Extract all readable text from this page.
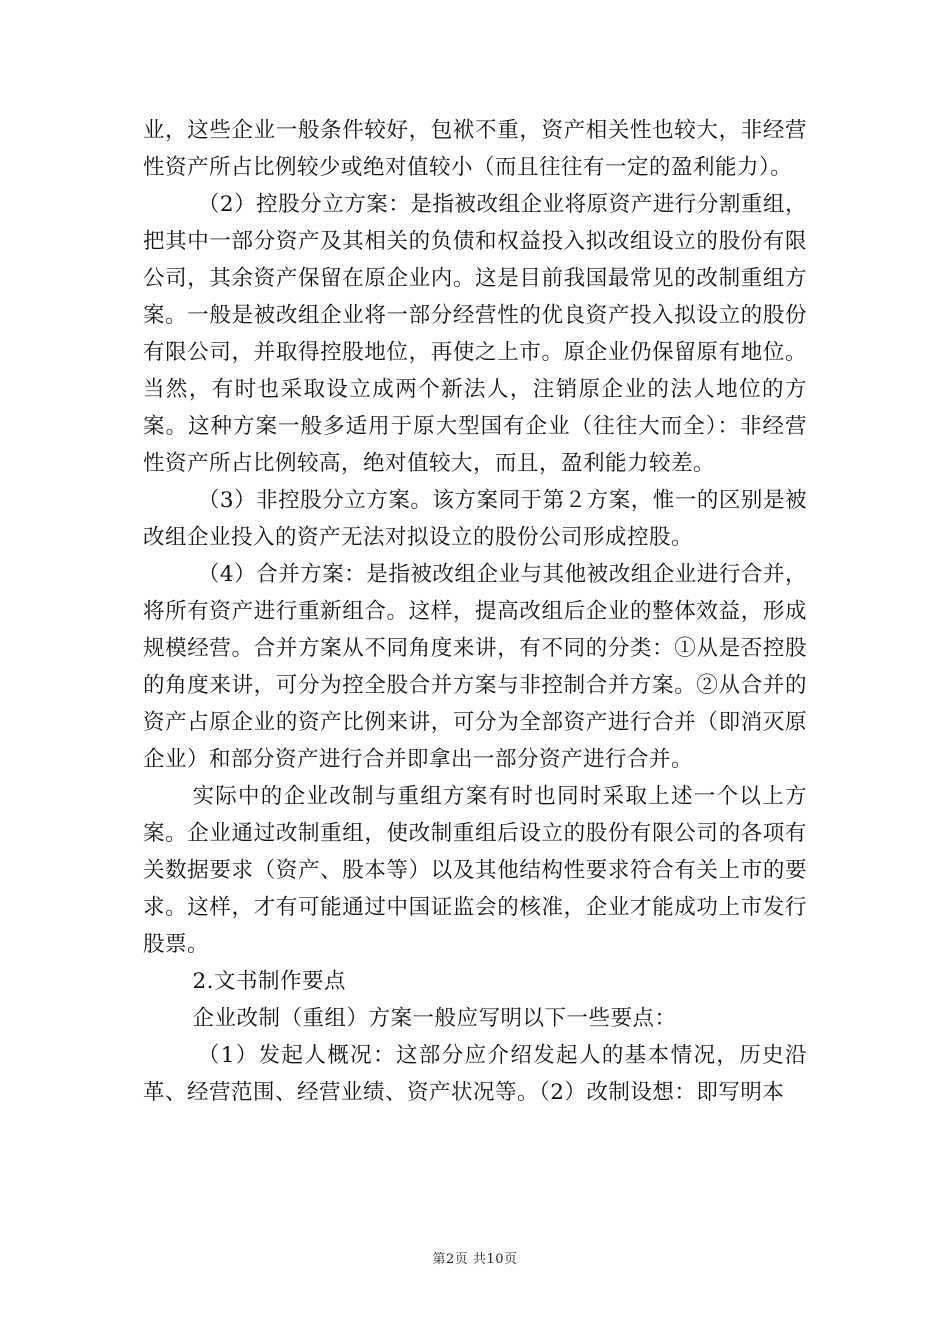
业，这些企业一般条件较好，包袱不重，资产相关性也较大，非经营性资产所占比例较少或绝对值较小（而且往往有一定的盈利能力）。

（2）控股分立方案：是指被改组企业将原资产进行分割重组，把其中一部分资产及其相关的负债和权益投入拟改组设立的股份有限公司，其余资产保留在原企业内。这是目前我国最常见的改制重组方案。一般是被改组企业将一部分经营性的优良资产投入拟设立的股份有限公司，并取得控股地位，再使之上市。原企业仍保留原有地位。当然，有时也采取设立成两个新法人，注销原企业的法人地位的方案。这种方案一般多适用于原大型国有企业（往往大而全）：非经营性资产所占比例较高，绝对值较大，而且，盈利能力较差。

（3）非控股分立方案。该方案同于第２方案，惟一的区别是被改组企业投入的资产无法对拟设立的股份公司形成控股。

（4）合并方案：是指被改组企业与其他被改组企业进行合并，将所有资产进行重新组合。这样，提高改组后企业的整体效益，形成规模经营。合并方案从不同角度来讲，有不同的分类：①从是否控股的角度来讲，可分为控全股合并方案与非控制合并方案。②从合并的资产占原企业的资产比例来讲，可分为全部资产进行合并（即消灭原企业）和部分资产进行合并即拿出一部分资产进行合并。

实际中的企业改制与重组方案有时也同时采取上述一个以上方案。企业通过改制重组，使改制重组后设立的股份有限公司的各项有关数据要求（资产、股本等）以及其他结构性要求符合有关上市的要求。这样，才有可能通过中国证监会的核准，企业才能成功上市发行股票。

2.文书制作要点

企业改制（重组）方案一般应写明以下一些要点：

（1）发起人概况：这部分应介绍发起人的基本情况，历史沿革、经营范围、经营业绩、资产状况等。（2）改制设想：即写明本

第2页 共10页
